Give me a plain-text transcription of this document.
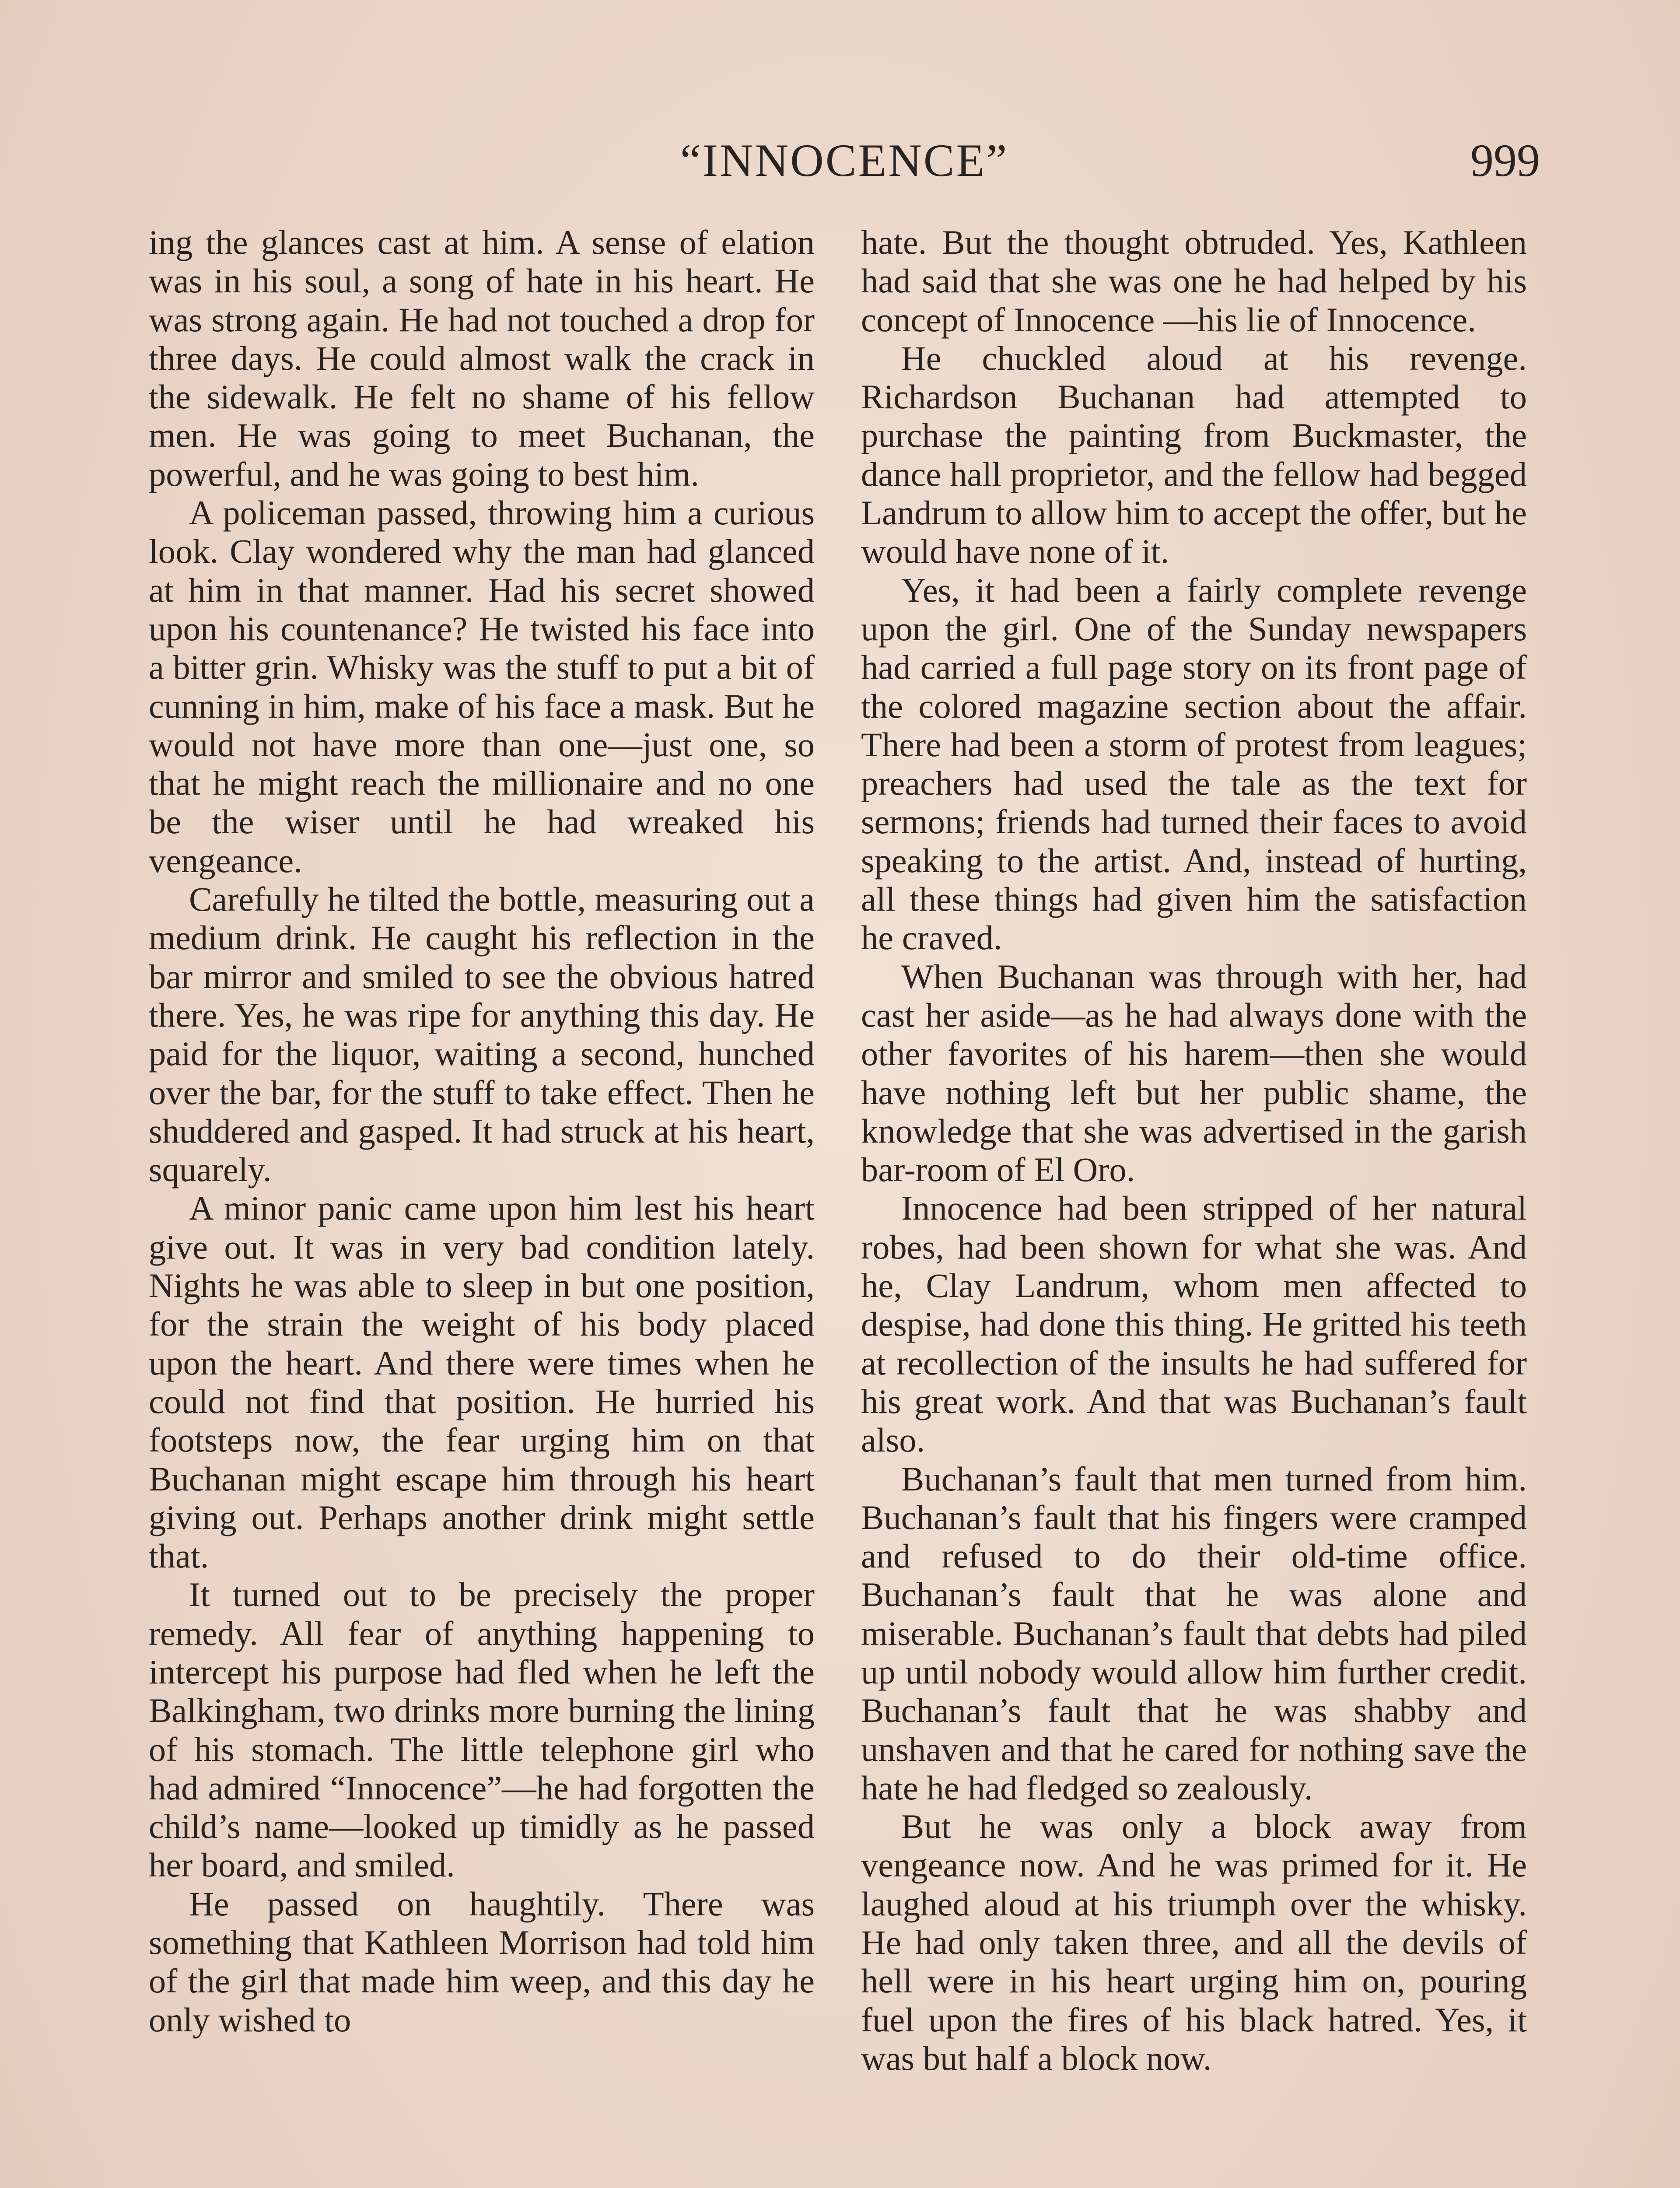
“INNOCENCE”	999

ing the glances cast at him. A sense of elation was in his soul, a song of hate in his heart. He was strong again. He had not touched a drop for three days. He could almost walk the crack in the sidewalk. He felt no shame of his fellow men. He was going to meet Buchanan, the powerful, and he was going to best him.

A policeman passed, throwing him a curious look. Clay wondered why the man had glanced at him in that manner. Had his secret showed upon his countenance? He twisted his face into a bitter grin. Whisky was the stuff to put a bit of cunning in him, make of his face a mask. But he would not have more than one—just one, so that he might reach the millionaire and no one be the wiser until he had wreaked his vengeance.

Carefully he tilted the bottle, measuring out a medium drink. He caught his reflection in the bar mirror and smiled to see the obvious hatred there. Yes, he was ripe for anything this day. He paid for the liquor, waiting a second, hunched over the bar, for the stuff to take effect. Then he shuddered and gasped. It had struck at his heart, squarely.

A minor panic came upon him lest his heart give out. It was in very bad condition lately. Nights he was able to sleep in but one position, for the strain the weight of his body placed upon the heart. And there were times when he could not find that position. He hurried his footsteps now, the fear urging him on that Buchanan might escape him through his heart giving out. Perhaps another drink might settle that.

It turned out to be precisely the proper remedy. All fear of anything happening to intercept his purpose had fled when he left the Balkingham, two drinks more burning the lining of his stomach. The little telephone girl who had admired “Innocence”—he had forgotten the child’s name—looked up timidly as he passed her board, and smiled.

He passed on haughtily. There was something that Kathleen Morrison had told him of the girl that made him weep, and this day he only wished to

hate. But the thought obtruded. Yes, Kathleen had said that she was one he had helped by his concept of Innocence —his lie of Innocence.

He chuckled aloud at his revenge. Richardson Buchanan had attempted to purchase the painting from Buckmaster, the dance hall proprietor, and the fellow had begged Landrum to allow him to accept the offer, but he would have none of it.

Yes, it had been a fairly complete revenge upon the girl. One of the Sunday newspapers had carried a full page story on its front page of the colored magazine section about the affair. There had been a storm of protest from leagues; preachers had used the tale as the text for sermons; friends had turned their faces to avoid speaking to the artist. And, instead of hurting, all these things had given him the satisfaction he craved.

When Buchanan was through with her, had cast her aside—as he had always done with the other favorites of his harem—then she would have nothing left but her public shame, the knowledge that she was advertised in the garish bar-room of El Oro.

Innocence had been stripped of her natural robes, had been shown for what she was. And he, Clay Landrum, whom men affected to despise, had done this thing. He gritted his teeth at recollection of the insults he had suffered for his great work. And that was Buchanan’s fault also.

Buchanan’s fault that men turned from him. Buchanan’s fault that his fingers were cramped and refused to do their old-time office. Buchanan’s fault that he was alone and miserable. Buchanan’s fault that debts had piled up until nobody would allow him further credit. Buchanan’s fault that he was shabby and unshaven and that he cared for nothing save the hate he had fledged so zealously.

But he was only a block away from vengeance now. And he was primed for it. He laughed aloud at his triumph over the whisky. He had only taken three, and all the devils of hell were in his heart urging him on, pouring fuel upon the fires of his black hatred. Yes, it was but half a block now.
